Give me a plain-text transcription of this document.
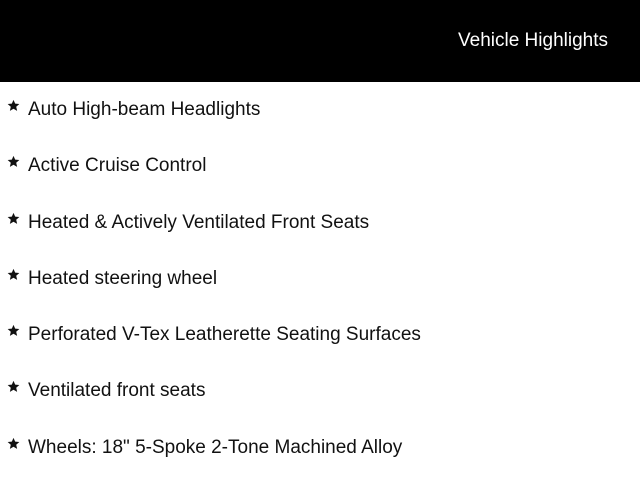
Vehicle Highlights
Auto High-beam Headlights
Active Cruise Control
Heated & Actively Ventilated Front Seats
Heated steering wheel
Perforated V-Tex Leatherette Seating Surfaces
Ventilated front seats
Wheels: 18" 5-Spoke 2-Tone Machined Alloy
